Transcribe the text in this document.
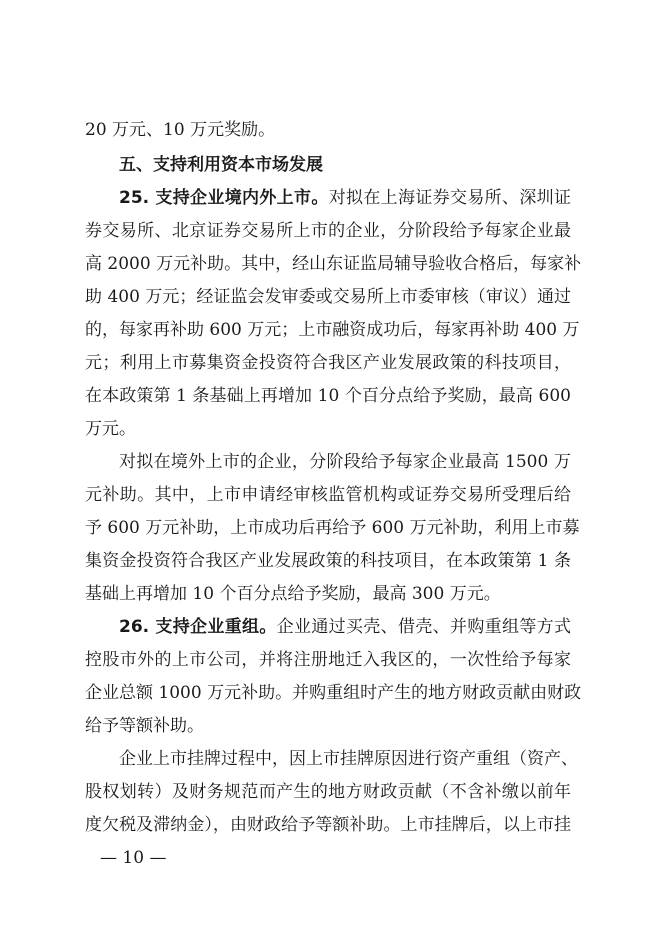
20 万元、10 万元奖励。
五、支持利用资本市场发展
25. 支持企业境内外上市。对拟在上海证券交易所、深圳证
券交易所、北京证券交易所上市的企业，分阶段给予每家企业最
高 2000 万元补助。其中，经山东证监局辅导验收合格后，每家补
助 400 万元；经证监会发审委或交易所上市委审核（审议）通过
的，每家再补助 600 万元；上市融资成功后，每家再补助 400 万
元；利用上市募集资金投资符合我区产业发展政策的科技项目，
在本政策第 1 条基础上再增加 10 个百分点给予奖励，最高 600
万元。
对拟在境外上市的企业，分阶段给予每家企业最高 1500 万
元补助。其中，上市申请经审核监管机构或证券交易所受理后给
予 600 万元补助，上市成功后再给予 600 万元补助，利用上市募
集资金投资符合我区产业发展政策的科技项目，在本政策第 1 条
基础上再增加 10 个百分点给予奖励，最高 300 万元。
26. 支持企业重组。企业通过买壳、借壳、并购重组等方式
控股市外的上市公司，并将注册地迁入我区的，一次性给予每家
企业总额 1000 万元补助。并购重组时产生的地方财政贡献由财政
给予等额补助。
企业上市挂牌过程中，因上市挂牌原因进行资产重组（资产、
股权划转）及财务规范而产生的地方财政贡献（不含补缴以前年
度欠税及滞纳金），由财政给予等额补助。上市挂牌后，以上市挂
— 10 —
